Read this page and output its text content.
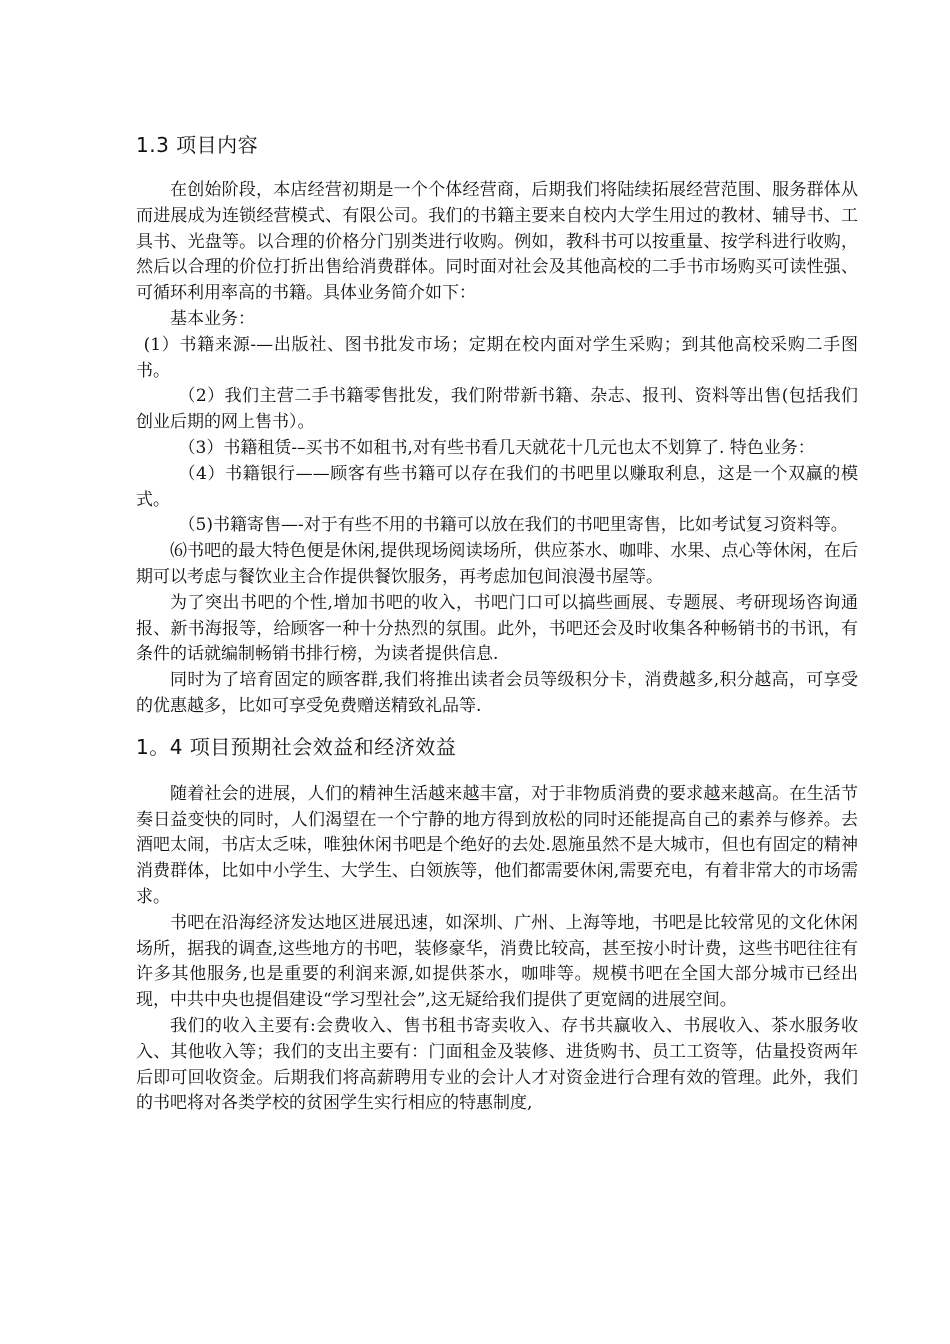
1.3 项目内容

在创始阶段，本店经营初期是一个个体经营商，后期我们将陆续拓展经营范围、服务群体从而进展成为连锁经营模式、有限公司。我们的书籍主要来自校内大学生用过的教材、辅导书、工具书、光盘等。以合理的价格分门别类进行收购。例如，教科书可以按重量、按学科进行收购，然后以合理的价位打折出售给消费群体。同时面对社会及其他高校的二手书市场购买可读性强、可循环利用率高的书籍。具体业务简介如下：

基本业务：

(1）书籍来源-—出版社、图书批发市场；定期在校内面对学生采购；到其他高校采购二手图书。

（2）我们主营二手书籍零售批发，我们附带新书籍、杂志、报刊、资料等出售(包括我们创业后期的网上售书）。

（3）书籍租赁-–买书不如租书,对有些书看几天就花十几元也太不划算了. 特色业务：

（4）书籍银行——顾客有些书籍可以存在我们的书吧里以赚取利息，这是一个双赢的模式。

（5)书籍寄售—-对于有些不用的书籍可以放在我们的书吧里寄售，比如考试复习资料等。

⑹书吧的最大特色便是休闲,提供现场阅读场所，供应茶水、咖啡、水果、点心等休闲，在后期可以考虑与餐饮业主合作提供餐饮服务，再考虑加包间浪漫书屋等。

为了突出书吧的个性,增加书吧的收入，书吧门口可以搞些画展、专题展、考研现场咨询通报、新书海报等，给顾客一种十分热烈的氛围。此外，书吧还会及时收集各种畅销书的书讯，有条件的话就编制畅销书排行榜，为读者提供信息.

同时为了培育固定的顾客群,我们将推出读者会员等级积分卡，消费越多,积分越高，可享受的优惠越多，比如可享受免费赠送精致礼品等.

1。4 项目预期社会效益和经济效益

随着社会的进展，人们的精神生活越来越丰富，对于非物质消费的要求越来越高。在生活节奏日益变快的同时，人们渴望在一个宁静的地方得到放松的同时还能提高自己的素养与修养。去酒吧太闹，书店太乏味，唯独休闲书吧是个绝好的去处.恩施虽然不是大城市，但也有固定的精神消费群体，比如中小学生、大学生、白领族等，他们都需要休闲,需要充电，有着非常大的市场需求。

书吧在沿海经济发达地区进展迅速，如深圳、广州、上海等地，书吧是比较常见的文化休闲场所，据我的调查,这些地方的书吧，装修豪华，消费比较高，甚至按小时计费，这些书吧往往有许多其他服务,也是重要的利润来源,如提供茶水，咖啡等。规模书吧在全国大部分城市已经出现，中共中央也提倡建设“学习型社会”,这无疑给我们提供了更宽阔的进展空间。

我们的收入主要有:会费收入、售书租书寄卖收入、存书共赢收入、书展收入、茶水服务收入、其他收入等；我们的支出主要有：门面租金及装修、进货购书、员工工资等，估量投资两年后即可回收资金。后期我们将高薪聘用专业的会计人才对资金进行合理有效的管理。此外，我们的书吧将对各类学校的贫困学生实行相应的特惠制度,
